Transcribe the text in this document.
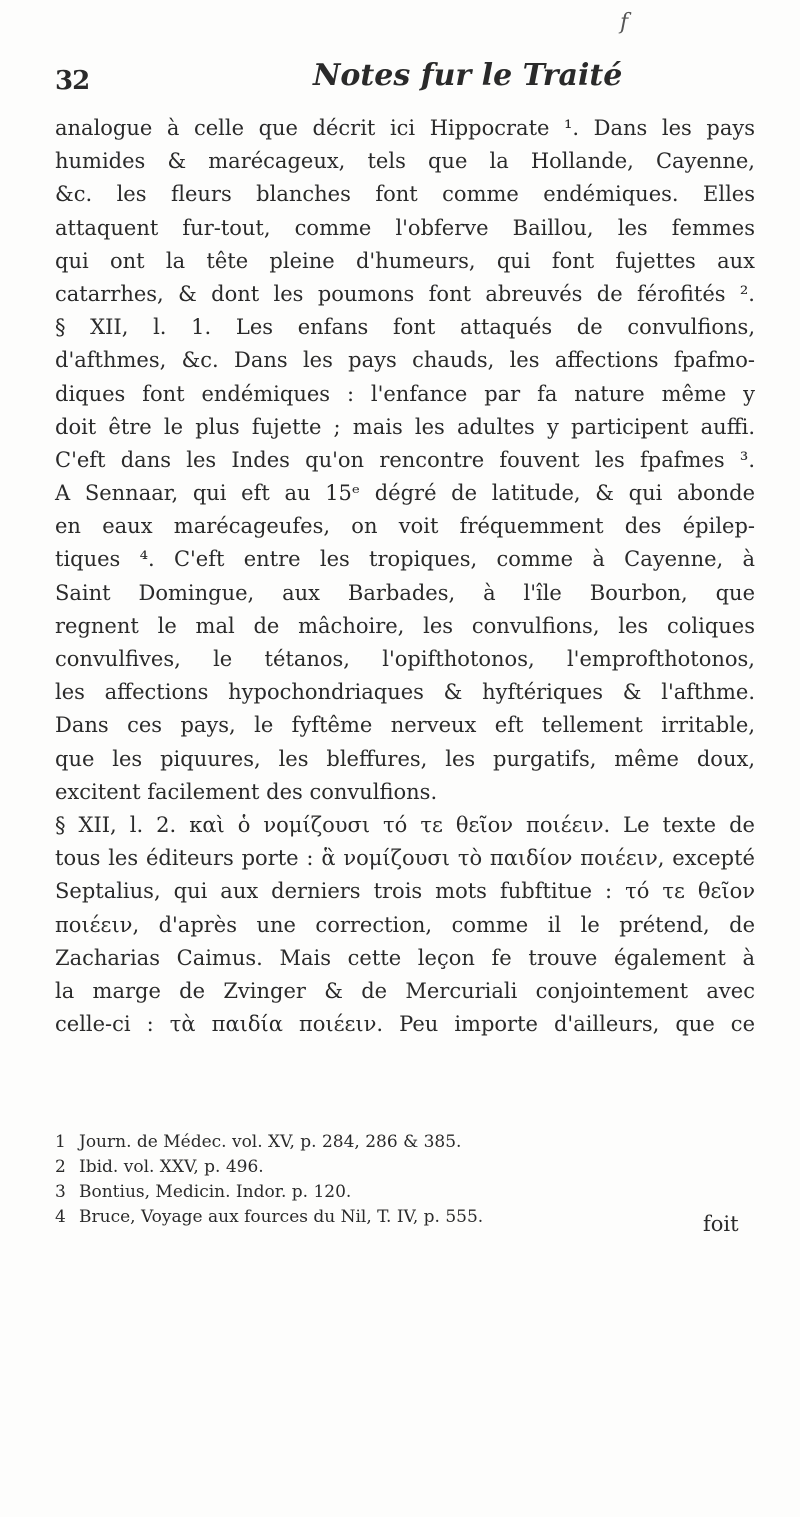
f
32	Notes fur le Traité
analogue à celle que décrit ici Hippocrate ¹. Dans les pays
humides & marécageux, tels que la Hollande, Cayenne,
&c. les fleurs blanches font comme endémiques. Elles
attaquent fur-tout, comme l'obferve Baillou, les femmes
qui ont la tête pleine d'humeurs, qui font fujettes aux
catarrhes, & dont les poumons font abreuvés de férofités ².
§ XII, l. 1. Les enfans font attaqués de convulfions,
d'afthmes, &c. Dans les pays chauds, les affections fpafmo-
diques font endémiques : l'enfance par fa nature même y
doit être le plus fujette ; mais les adultes y participent auffi.
C'eft dans les Indes qu'on rencontre fouvent les fpafmes ³.
A Sennaar, qui eft au 15ᵉ dégré de latitude, & qui abonde
en eaux marécageufes, on voit fréquemment des épilep-
tiques ⁴. C'eft entre les tropiques, comme à Cayenne, à
Saint Domingue, aux Barbades, à l'île Bourbon, que
regnent le mal de mâchoire, les convulfions, les coliques
convulfives, le tétanos, l'opifthotonos, l'emprofthotonos,
les affections hypochondriaques & hyftériques & l'afthme.
Dans ces pays, le fyftême nerveux eft tellement irritable,
que les piquures, les bleffures, les purgatifs, même doux,
excitent facilement des convulfions.
§ XII, l. 2. καὶ ὁ νομίζουσι τό τε θεῖον ποιέειν. Le texte de
tous les éditeurs porte : ἃ νομίζουσι τὸ παιδίον ποιέειν, excepté
Septalius, qui aux derniers trois mots fubftitue : τό τε θεῖον
ποιέειν, d'après une correction, comme il le prétend, de
Zacharias Caimus. Mais cette leçon fe trouve également à
la marge de Zvinger & de Mercuriali conjointement avec
celle-ci : τὰ παιδία ποιέειν. Peu importe d'ailleurs, que ce
1 Journ. de Médec. vol. XV, p. 284, 286 & 385.
2 Ibid. vol. XXV, p. 496.
3 Bontius, Medicin. Indor. p. 120.
4 Bruce, Voyage aux fources du Nil, T. IV, p. 555.	foit
